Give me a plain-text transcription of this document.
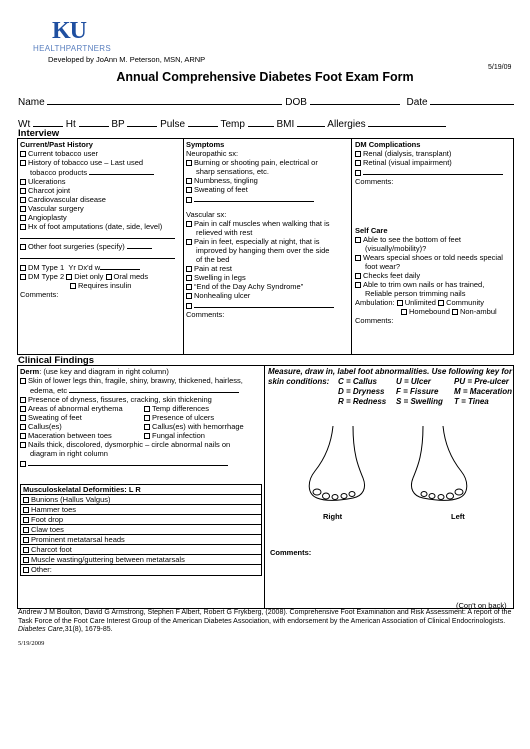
KU
HEALTHPARTNERS
Developed by JoAnn M. Peterson, MSN, ARNP
5/19/09
Annual Comprehensive Diabetes Foot Exam Form
Name	DOB	Date
Wt	Ht	BP	Pulse	Temp	BMI	Allergies
Interview
Current/Past History
Current tobacco user
History of tobacco use – Last used
tobacco products
Ulcerations
Charcot joint
Cardiovascular disease
Vascular surgery
Angioplasty
Hx of foot amputations (date, side, level)
Other foot surgeries (specify)
DM Type 1 Yr Dx'd w
DM Type 2 Diet only Oral meds
Requires insulin
Comments:
Symptoms
Neuropathic sx:
Burning or shooting pain, electrical or
sharp sensations, etc.
Numbness, tingling
Sweating of feet
Vascular sx:
Pain in calf muscles when walking that is
relieved with rest
Pain in feet, especially at night, that is
improved by hanging them over the side
of the bed
Pain at rest
Swelling in legs
“End of the Day Achy Syndrome”
Nonhealing ulcer
Comments:
DM Complications
Renal (dialysis, transplant)
Retinal (visual impairment)
Comments:
Self Care
Able to see the bottom of feet
(visually/mobility)?
Wears special shoes or told needs special
foot wear?
Checks feet daily
Able to trim own nails or has trained,
Reliable person trimming nails
Ambulation: Unlimited Community
Homebound Non-ambul
Comments:
Clinical Findings
Derm: (use key and diagram in right column)
Skin of lower legs thin, fragile, shiny, brawny, thickened, hairless,
edema, etc
Presence of dryness, fissures, cracking, skin thickening
Areas of abnormal erythema	Temp differences
Sweating of feet	Presence of ulcers
Callus(es)	Callus(es) with hemorrhage
Maceration between toes	Fungal infection
Nails thick, discolored, dysmorphic – circle abnormal nails on
diagram in right column
Musculoskelatal Deformities: L R
Bunions (Hallus Valgus)
Hammer toes
Foot drop
Claw toes
Prominent metatarsal heads
Charcot foot
Muscle wasting/guttering between metatarsals
Other:
Measure, draw in, label foot abnormalities. Use following key for
skin conditions:	C = Callus	U = Ulcer	PU = Pre-ulcer
D = Dryness	F = Fissure	M = Maceration
R = Redness	S = Swelling	T = Tinea
Right	Left
Comments:
(Con't on back)
Andrew J M Boulton, David G Armstrong, Stephen F Albert, Robert G Frykberg, (2008). Comprehensive Foot Examination and Risk Assessment: A report of the Task Force of the Foot Care Interest Group of the American Diabetes Association, with endorsement by the American Association of Clinical Endocrinologists. Diabetes Care,31(8), 1679-85.
5/19/2009
